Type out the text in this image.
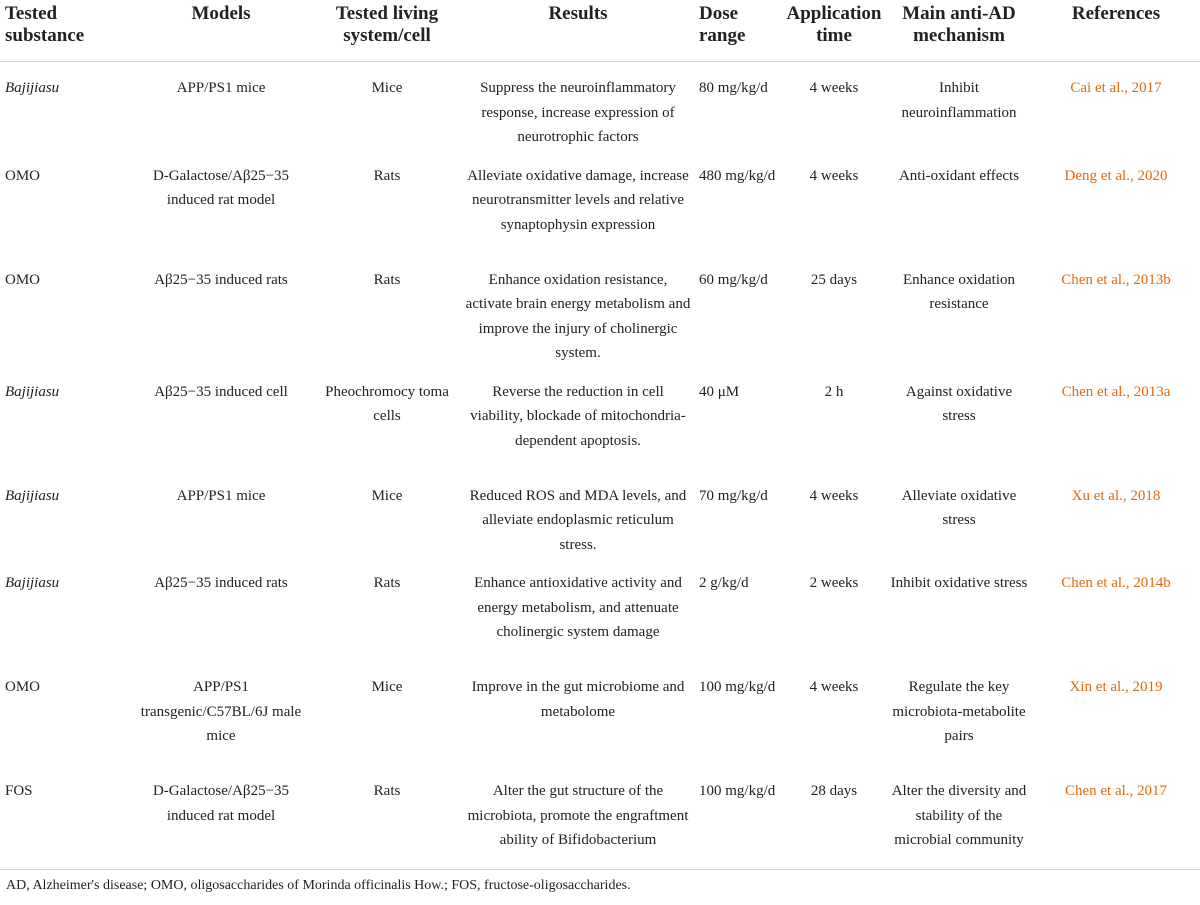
Tested substance	Models	Tested living system/cell	Results	Dose range	Application time	Main anti-AD mechanism	References
Bajijiasu	APP/PS1 mice	Mice	Suppress the neuroinflammatory response, increase expression of neurotrophic factors	80 mg/kg/d	4 weeks	Inhibit neuroinflammation	Cai et al., 2017
OMO	D-Galactose/Aβ25−35 induced rat model	Rats	Alleviate oxidative damage, increase neurotransmitter levels and relative synaptophysin expression	480 mg/kg/d	4 weeks	Anti-oxidant effects	Deng et al., 2020
OMO	Aβ25−35 induced rats	Rats	Enhance oxidation resistance, activate brain energy metabolism and improve the injury of cholinergic system.	60 mg/kg/d	25 days	Enhance oxidation resistance	Chen et al., 2013b
Bajijiasu	Aβ25−35 induced cell	Pheochromocy toma cells	Reverse the reduction in cell viability, blockade of mitochondria-dependent apoptosis.	40 μM	2 h	Against oxidative stress	Chen et al., 2013a
Bajijiasu	APP/PS1 mice	Mice	Reduced ROS and MDA levels, and alleviate endoplasmic reticulum stress.	70 mg/kg/d	4 weeks	Alleviate oxidative stress	Xu et al., 2018
Bajijiasu	Aβ25−35 induced rats	Rats	Enhance antioxidative activity and energy metabolism, and attenuate cholinergic system damage	2 g/kg/d	2 weeks	Inhibit oxidative stress	Chen et al., 2014b
OMO	APP/PS1 transgenic/C57BL/6J male mice	Mice	Improve in the gut microbiome and metabolome	100 mg/kg/d	4 weeks	Regulate the key microbiota-metabolite pairs	Xin et al., 2019
FOS	D-Galactose/Aβ25−35 induced rat model	Rats	Alter the gut structure of the microbiota, promote the engraftment ability of Bifidobacterium	100 mg/kg/d	28 days	Alter the diversity and stability of the microbial community	Chen et al., 2017
AD, Alzheimer's disease; OMO, oligosaccharides of Morinda officinalis How.; FOS, fructose-oligosaccharides.
